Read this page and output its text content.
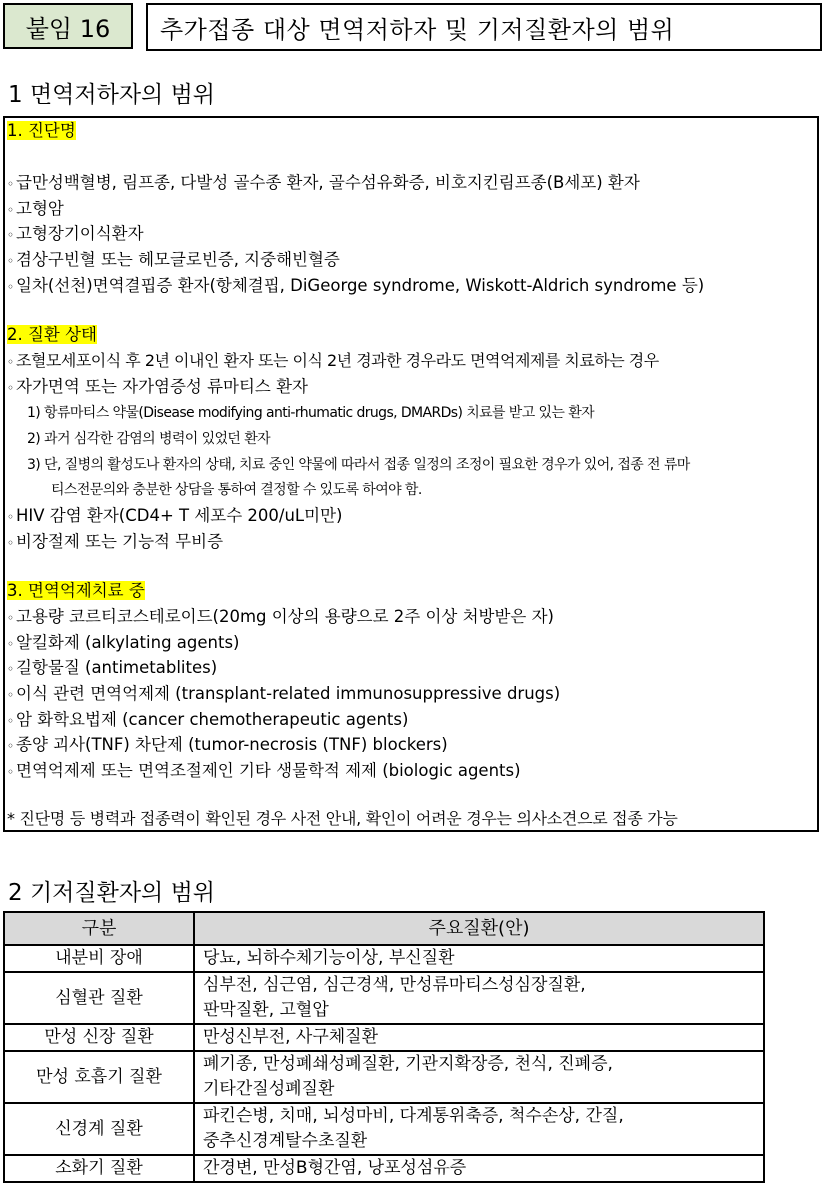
붙임 16	추가접종 대상 면역저하자 및 기저질환자의 범위
1 면역저하자의 범위
1. 진단명
◦ 급만성백혈병, 림프종, 다발성 골수종 환자, 골수섬유화증, 비호지킨림프종(B세포) 환자
◦ 고형암
◦ 고형장기이식환자
◦ 겸상구빈혈 또는 헤모글로빈증, 지중해빈혈증
◦ 일차(선천)면역결핍증 환자(항체결핍, DiGeorge syndrome, Wiskott-Aldrich syndrome 등)
2. 질환 상태
◦ 조혈모세포이식 후 2년 이내인 환자 또는 이식 2년 경과한 경우라도 면역억제제를 치료하는 경우
◦ 자가면역 또는 자가염증성 류마티스 환자
1) 항류마티스 약물(Disease modifying anti-rhumatic drugs, DMARDs) 치료를 받고 있는 환자
2) 과거 심각한 감염의 병력이 있었던 환자
3) 단, 질병의 활성도나 환자의 상태, 치료 중인 약물에 따라서 접종 일정의 조정이 필요한 경우가 있어, 접종 전 류마
티스전문의와 충분한 상담을 통하여 결정할 수 있도록 하여야 함.
◦ HIV 감염 환자(CD4+ T 세포수 200/uL미만)
◦ 비장절제 또는 기능적 무비증
3. 면역억제치료 중
◦ 고용량 코르티코스테로이드(20mg 이상의 용량으로 2주 이상 처방받은 자)
◦ 알킬화제 (alkylating agents)
◦ 길항물질 (antimetablites)
◦ 이식 관련 면역억제제 (transplant-related immunosuppressive drugs)
◦ 암 화학요법제 (cancer chemotherapeutic agents)
◦ 종양 괴사(TNF) 차단제 (tumor-necrosis (TNF) blockers)
◦ 면역억제제 또는 면역조절제인 기타 생물학적 제제 (biologic agents)
* 진단명 등 병력과 접종력이 확인된 경우 사전 안내, 확인이 어려운 경우는 의사소견으로 접종 가능
2 기저질환자의 범위
구분	주요질환(안)
내분비 장애	당뇨, 뇌하수체기능이상, 부신질환

심혈관 질환	심부전, 심근염, 심근경색, 만성류마티스성심장질환,
판막질환, 고혈압

만성 신장 질환	만성신부전, 사구체질환

만성 호흡기 질환	폐기종, 만성폐쇄성폐질환, 기관지확장증, 천식, 진폐증,
기타간질성폐질환

신경계 질환	파킨슨병, 치매, 뇌성마비, 다계통위축증, 척수손상, 간질,
중추신경계탈수초질환

소화기 질환	간경변, 만성B형간염, 낭포성섬유증
